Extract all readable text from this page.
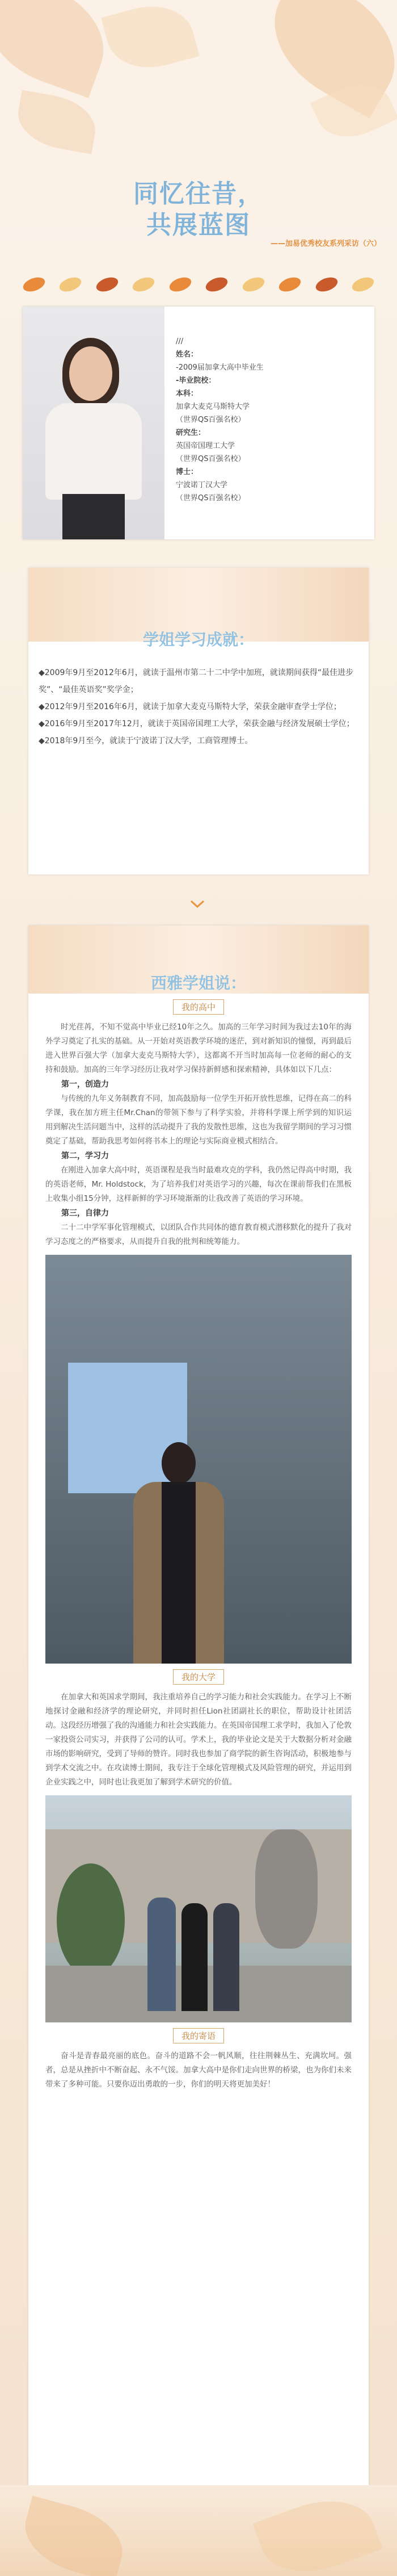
同忆往昔，
共展蓝图
——加易优秀校友系列采访（六）
///
姓名：
-2009届加拿大高中毕业生
-毕业院校：
本科：
加拿大麦克马斯特大学
（世界QS百强名校）
研究生：
英国帝国理工大学
（世界QS百强名校）
博士：
宁波诺丁汉大学
（世界QS百强名校）
学姐学习成就：
◆2009年9月至2012年6月，就读于温州市第二十二中学中加班，就读期间获得“最佳进步奖”、“最佳英语奖”奖学金；
◆2012年9月至2016年6月，就读于加拿大麦克马斯特大学，荣获金融审查学士学位；
◆2016年9月至2017年12月，就读于英国帝国理工大学，荣获金融与经济发展硕士学位；
◆2018年9月至今，就读于宁波诺丁汉大学，工商管理博士。
西雅学姐说：
我的高中
时光荏苒，不知不觉高中毕业已经10年之久。加高的三年学习时间为我过去10年的海外学习奠定了扎实的基础。从一开始对英语教学环境的迷茫，到对新知识的憧憬，再到最后进入世界百强大学（加拿大麦克马斯特大学），这都离不开当时加高每一位老师的耐心的支持和鼓励。加高的三年学习经历让我对学习保持新鲜感和探索精神，具体如以下几点：
第一，创造力
与传统的九年义务制教育不同，加高鼓励每一位学生开拓开放性思维，记得在高二的科学课，我在加方班主任Mr.Chan的带领下参与了科学实验，并将科学课上所学到的知识运用到解决生活问题当中，这样的活动提升了我的发散性思维，这也为我留学期间的学习习惯奠定了基础，帮助我思考如何将书本上的理论与实际商业模式相结合。
第二，学习力
在刚进入加拿大高中时，英语课程是我当时最难攻克的学科，我仍然记得高中时期，我的英语老师，Mr. Holdstock，为了培养我们对英语学习的兴趣，每次在课前帮我们在黑板上收集小组15分钟，这样新鲜的学习环境渐渐的让我改善了英语的学习环境。
第三，自律力
二十二中学军事化管理模式，以团队合作共同体的德育教育模式潜移默化的提升了我对学习态度之的严格要求，从而提升自我的批判和统筹能力。
我的大学
在加拿大和英国求学期间，我注重培养自己的学习能力和社会实践能力。在学习上不断地探讨金融和经济学的理论研究，并同时担任Lion社团副社长的职位，帮助设计社团活动。这段经历增强了我的沟通能力和社会实践能力。在英国帝国理工求学时，我加入了伦敦一家投资公司实习，并获得了公司的认可。学术上，我的毕业论文是关于大数据分析对金融市场的影响研究，受到了导师的赞许。同时我也参加了商学院的新生咨询活动，积极地参与到学术交流之中。在攻读博士期间，我专注于全球化管理模式及风险管理的研究，并运用到企业实践之中，同时也让我更加了解到学术研究的价值。
我的寄语
奋斗是青春最亮丽的底色。奋斗的道路不会一帆风顺，往往荆棘丛生、充满坎坷。强者，总是从挫折中不断奋起、永不气馁。加拿大高中是你们走向世界的桥梁，也为你们未来带来了多种可能。只要你迈出勇敢的一步，你们的明天将更加美好！
